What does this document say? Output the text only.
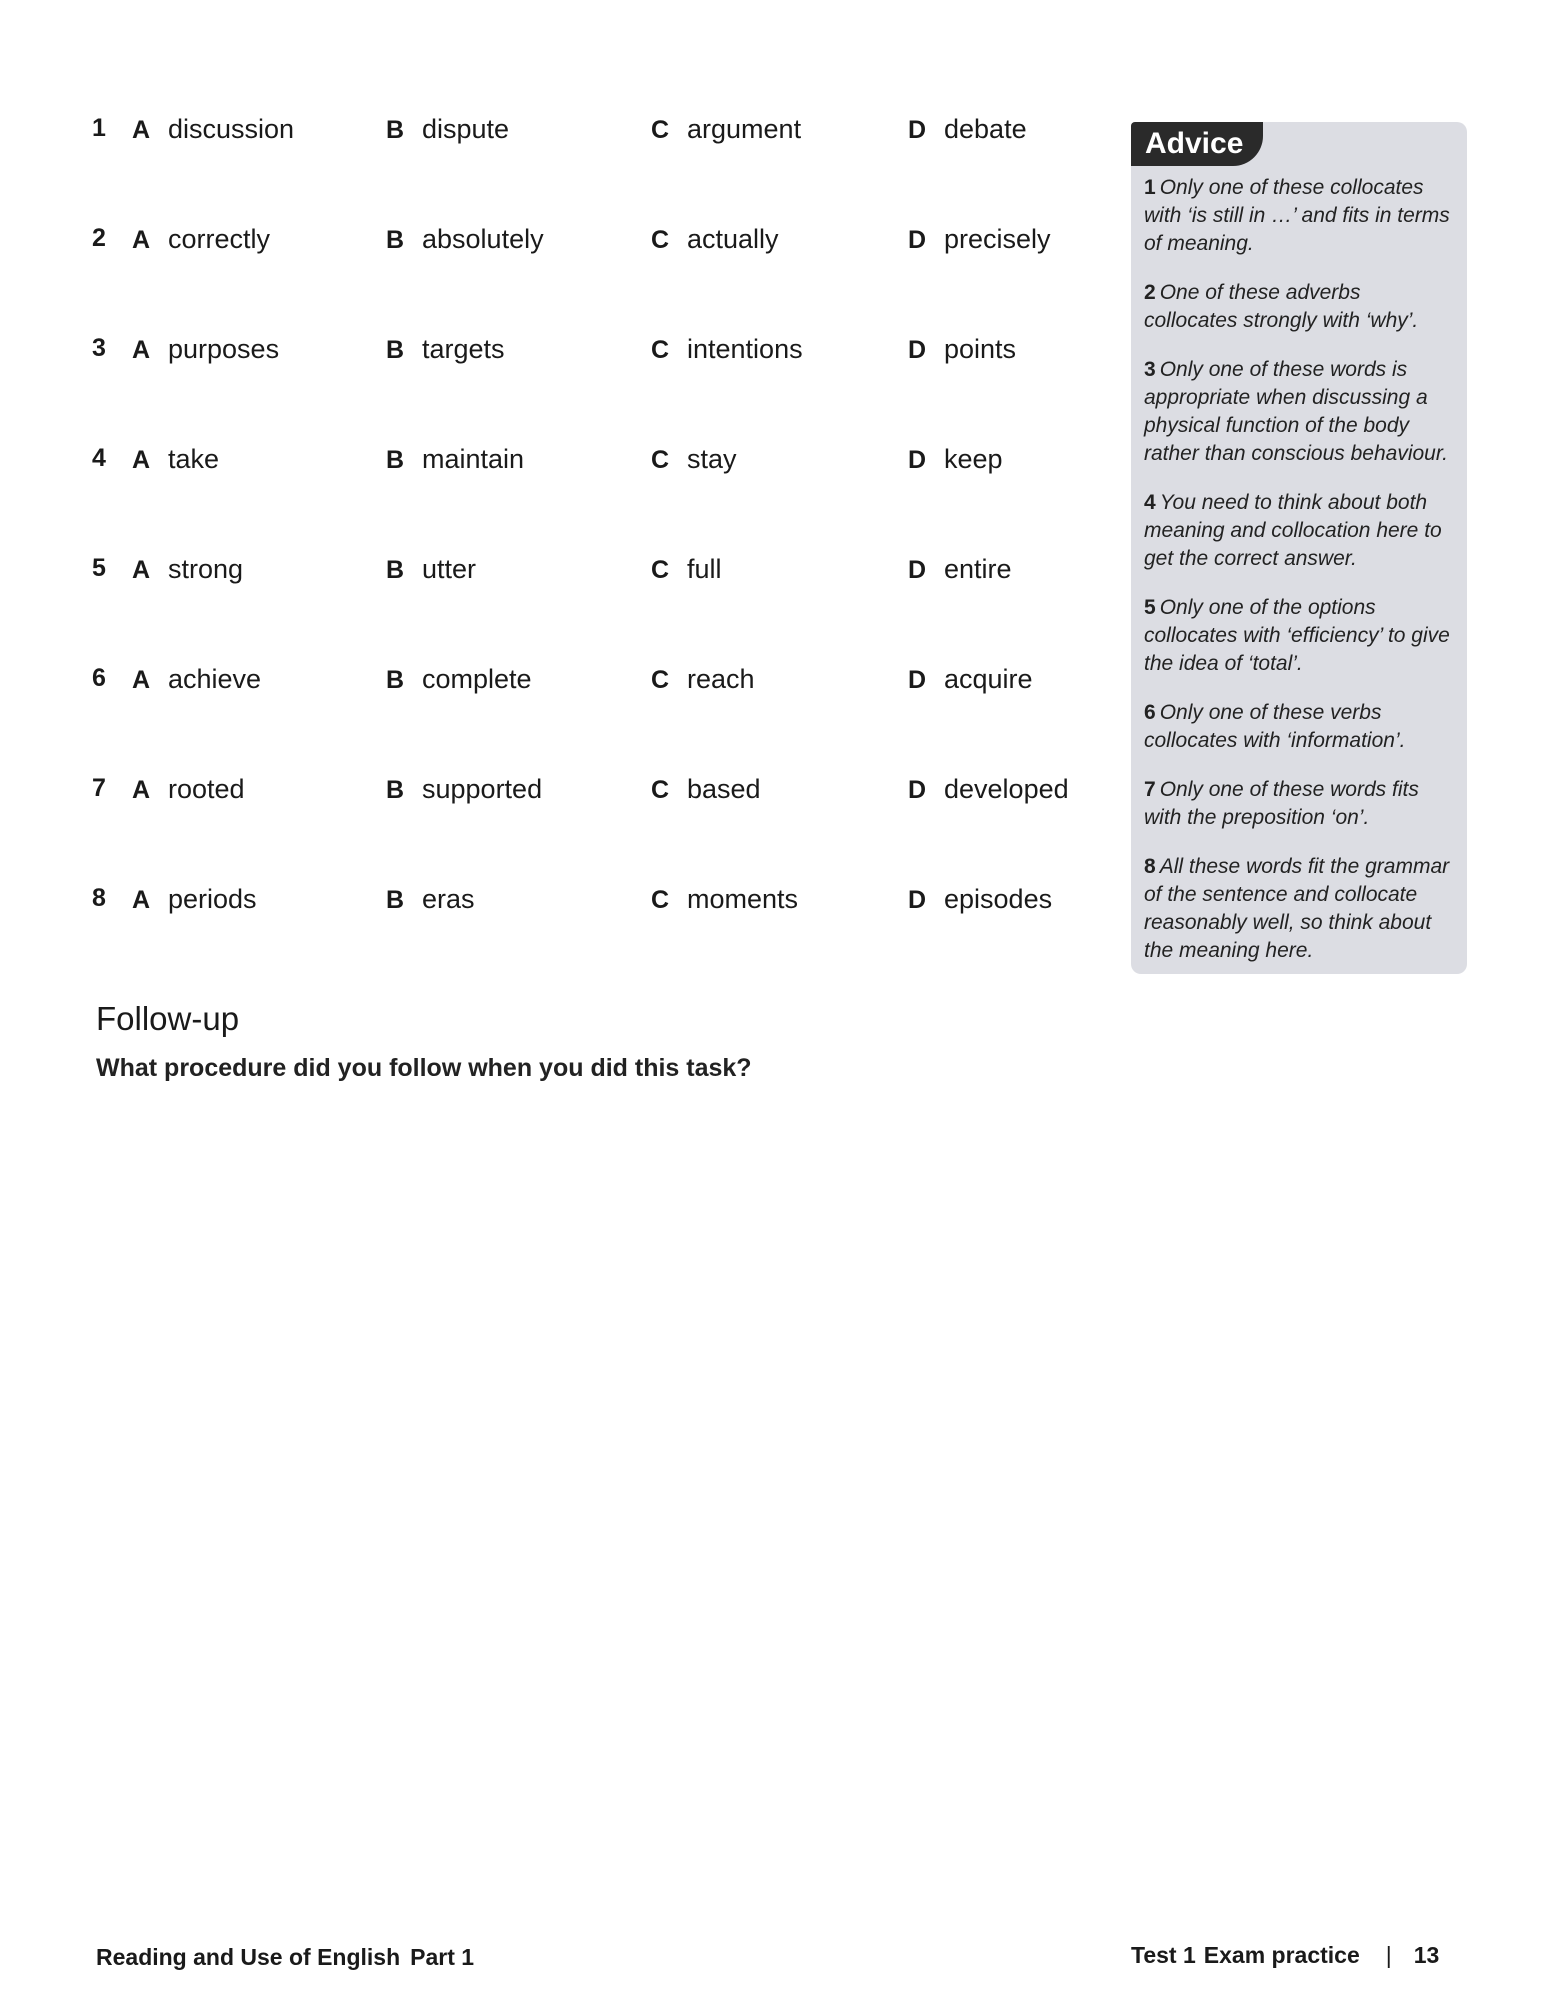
1 A discussion	B dispute	C argument	D debate
2 A correctly	B absolutely	C actually	D precisely
3 A purposes	B targets	C intentions	D points
4 A take	B maintain	C stay	D keep
5 A strong	B utter	C full	D entire
6 A achieve	B complete	C reach	D acquire
7 A rooted	B supported	C based	D developed
8 A periods	B eras	C moments	D episodes
Advice

1 Only one of these collocates with ‘is still in …’ and fits in terms of meaning.

2 One of these adverbs collocates strongly with ‘why’.

3 Only one of these words is appropriate when discussing a physical function of the body rather than conscious behaviour.

4 You need to think about both meaning and collocation here to get the correct answer.

5 Only one of the options collocates with ‘efficiency’ to give the idea of ‘total’.

6 Only one of these verbs collocates with ‘information’.

7 Only one of these words fits with the preposition ‘on’.

8 All these words fit the grammar of the sentence and collocate reasonably well, so think about the meaning here.

Follow-up

What procedure did you follow when you did this task?

Reading and Use of English Part 1	Test 1 Exam practice | 13
